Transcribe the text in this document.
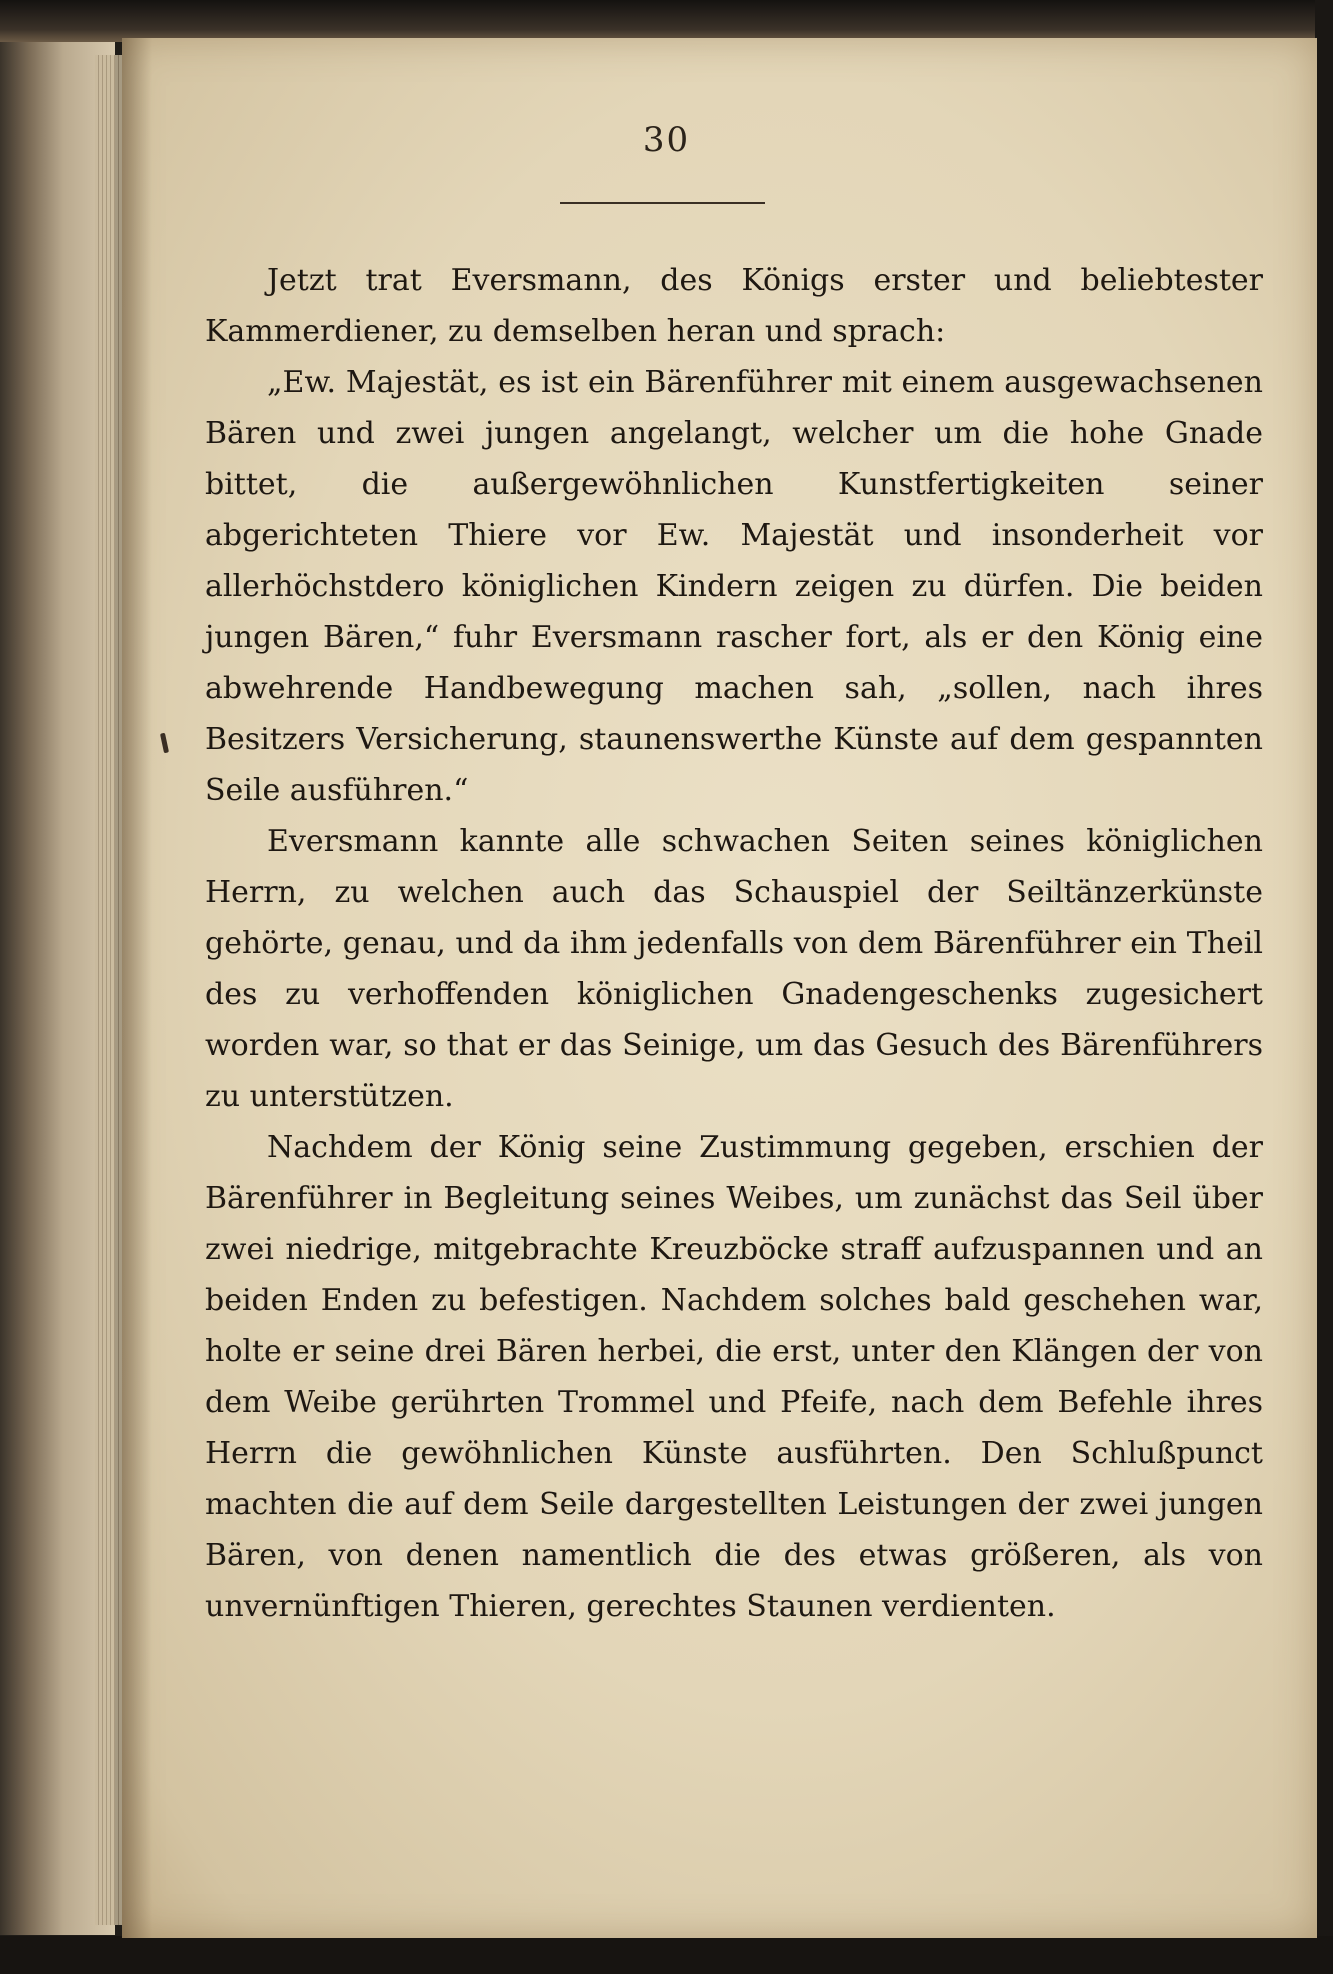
30

Jetzt trat Eversmann, des Königs erster und beliebtester Kammerdiener, zu demselben heran und sprach:

„Ew. Majestät, es ist ein Bärenführer mit einem ausgewachsenen Bären und zwei jungen angelangt, welcher um die hohe Gnade bittet, die außergewöhnlichen Kunstfertigkeiten seiner abgerichteten Thiere vor Ew. Majestät und insonderheit vor allerhöchstdero königlichen Kindern zeigen zu dürfen. Die beiden jungen Bären,“ fuhr Eversmann rascher fort, als er den König eine abwehrende Handbewegung machen sah, „sollen, nach ihres Besitzers Versicherung, staunenswerthe Künste auf dem gespannten Seile ausführen.“

Eversmann kannte alle schwachen Seiten seines königlichen Herrn, zu welchen auch das Schauspiel der Seiltänzerkünste gehörte, genau, und da ihm jedenfalls von dem Bärenführer ein Theil des zu verhoffenden königlichen Gnadengeschenks zugesichert worden war, so that er das Seinige, um das Gesuch des Bärenführers zu unterstützen.

Nachdem der König seine Zustimmung gegeben, erschien der Bärenführer in Begleitung seines Weibes, um zunächst das Seil über zwei niedrige, mitgebrachte Kreuzböcke straff aufzuspannen und an beiden Enden zu befestigen. Nachdem solches bald geschehen war, holte er seine drei Bären herbei, die erst, unter den Klängen der von dem Weibe gerührten Trommel und Pfeife, nach dem Befehle ihres Herrn die gewöhnlichen Künste ausführten. Den Schlußpunct machten die auf dem Seile dargestellten Leistungen der zwei jungen Bären, von denen namentlich die des etwas größeren, als von unvernünftigen Thieren, gerechtes Staunen verdienten.
